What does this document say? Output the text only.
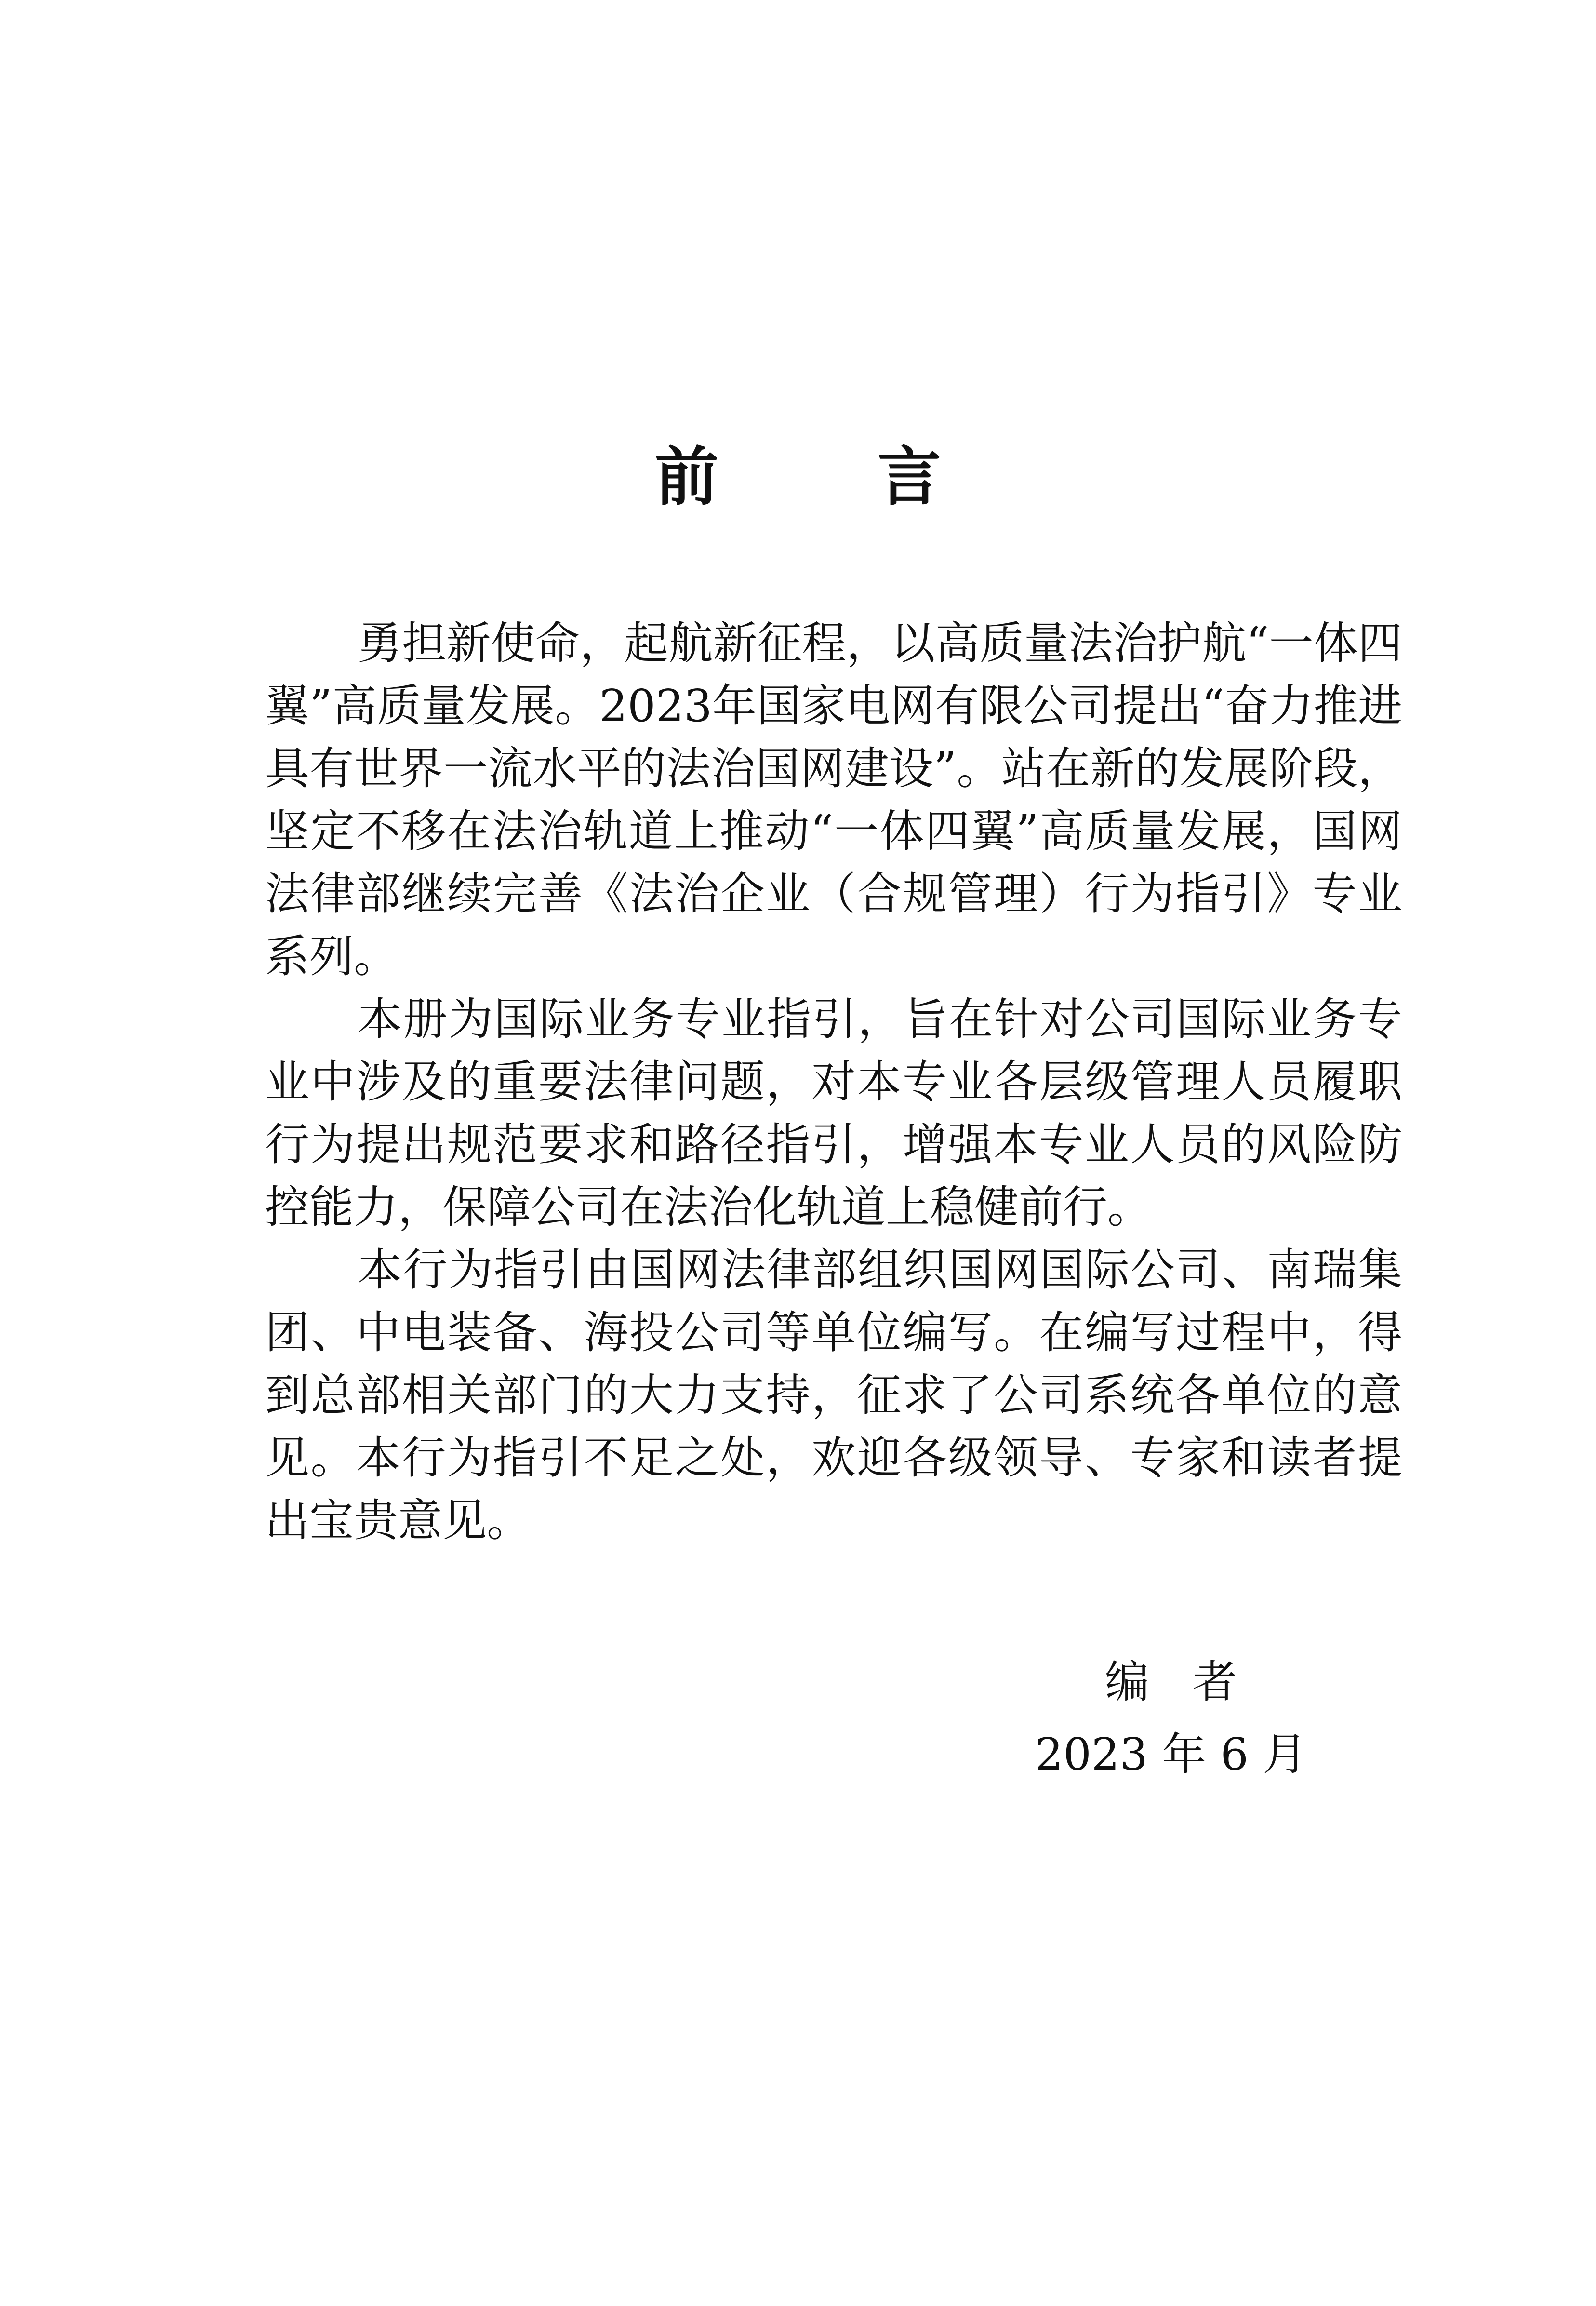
前言

勇担新使命，起航新征程，以高质量法治护航“一体四翼”高质量发展。2023年国家电网有限公司提出“奋力推进具有世界一流水平的法治国网建设”。站在新的发展阶段，坚定不移在法治轨道上推动“一体四翼”高质量发展，国网法律部继续完善《法治企业（合规管理）行为指引》专业系列。

本册为国际业务专业指引，旨在针对公司国际业务专业中涉及的重要法律问题，对本专业各层级管理人员履职行为提出规范要求和路径指引，增强本专业人员的风险防控能力，保障公司在法治化轨道上稳健前行。

本行为指引由国网法律部组织国网国际公司、南瑞集团、中电装备、海投公司等单位编写。在编写过程中，得到总部相关部门的大力支持，征求了公司系统各单位的意见。本行为指引不足之处，欢迎各级领导、专家和读者提出宝贵意见。

编者
2023 年 6 月
